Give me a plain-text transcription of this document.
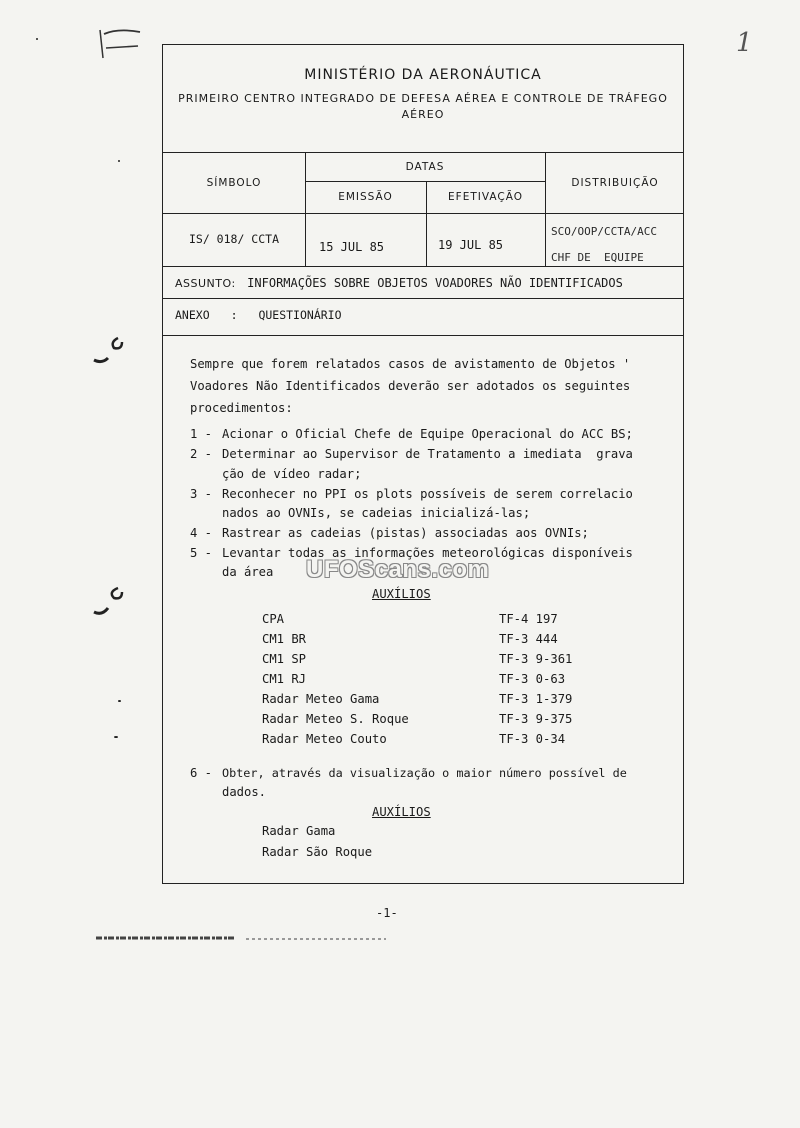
1
UFOScans.com
MINISTÉRIO DA AERONÁUTICA
PRIMEIRO CENTRO INTEGRADO DE DEFESA AÉREA E CONTROLE DE TRÁFEGO AÉREO
SÍMBOLO
DATAS
EMISSÃO	EFETIVAÇÃO
DISTRIBUIÇÃO
IS/ 018/ CCTA
15 JUL 85	19 JUL 85
SCO/OOP/CCTA/ACC
CHF DE  EQUIPE
ASSUNTO: INFORMAÇÕES SOBRE OBJETOS VOADORES NÃO IDENTIFICADOS
ANEXO : QUESTIONÁRIO
Sempre que forem relatados casos de avistamento de Objetos '
Voadores Não Identificados deverão ser adotados os seguintes
procedimentos:
1 - Acionar o Oficial Chefe de Equipe Operacional do ACC BS;
2 - Determinar ao Supervisor de Tratamento a imediata  grava
ção de vídeo radar;
3 - Reconhecer no PPI os plots possíveis de serem correlacio
nados ao OVNIs, se cadeias inicializá-las;
4 - Rastrear as cadeias (pistas) associadas aos OVNIs;
5 - Levantar todas as informações meteorológicas disponíveis
da área
AUXÍLIOS
CPA	TF-4 197
CM1 BR	TF-3 444
CM1 SP	TF-3 9-361
CM1 RJ	TF-3 0-63
Radar Meteo Gama	TF-3 1-379
Radar Meteo S. Roque	TF-3 9-375
Radar Meteo Couto	TF-3 0-34
6 - Obter, através da visualização o maior número possível de
dados.
AUXÍLIOS
Radar Gama
Radar São Roque
-1-
